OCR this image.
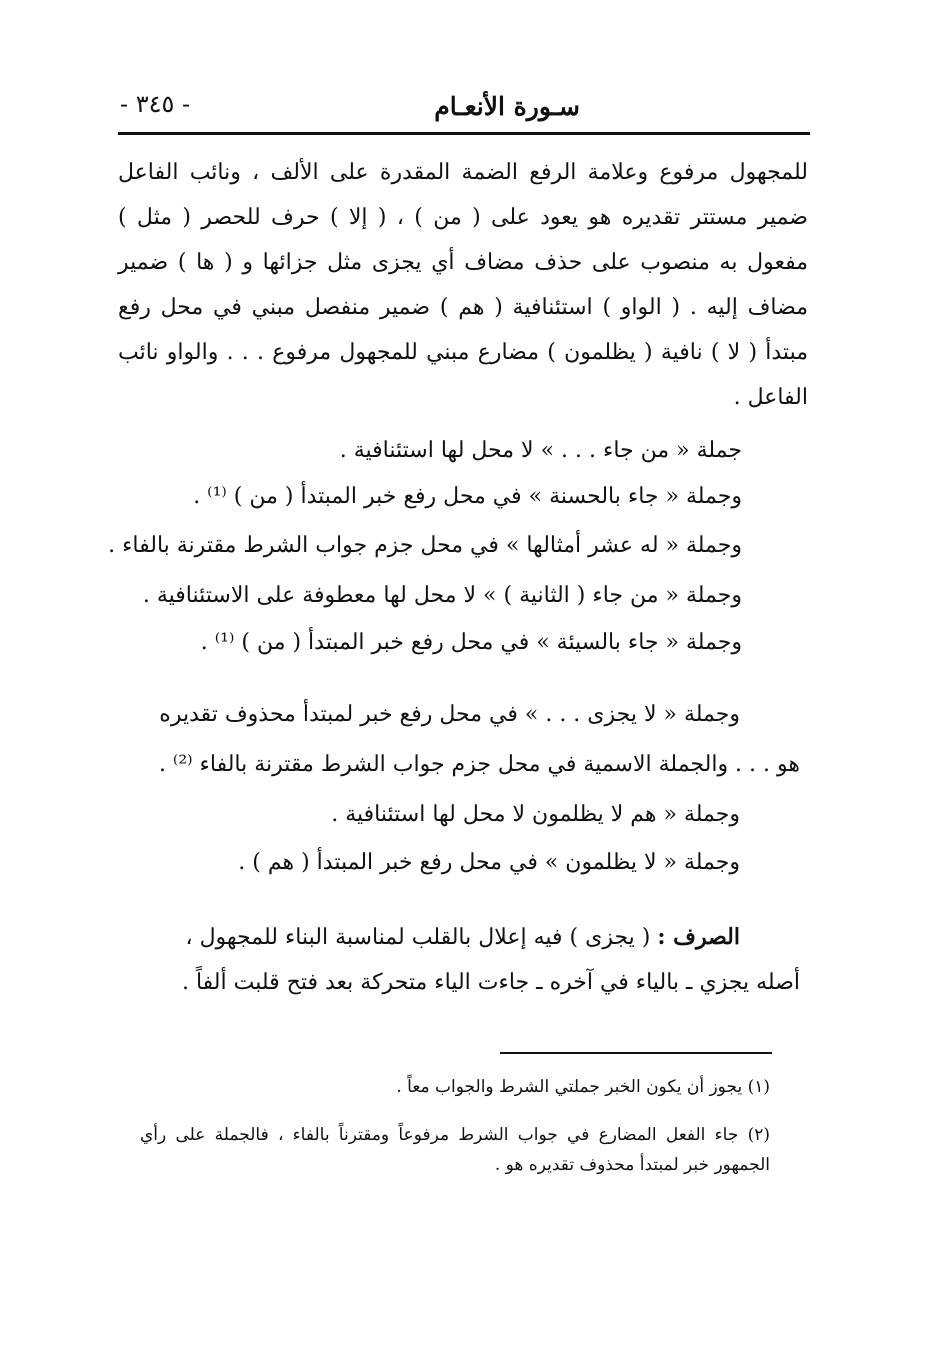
سـورة الأنعـام
- ٣٤٥ -
للمجهول مرفوع وعلامة الرفع الضمة المقدرة على الألف ، ونائب الفاعل ضمير مستتر تقديره هو يعود على ( من ) ، ( إلا ) حرف للحصر ( مثل ) مفعول به منصوب على حذف مضاف أي يجزى مثل جزائها و ( ها ) ضمير مضاف إليه . ( الواو ) استئنافية ( هم ) ضمير منفصل مبني في محل رفع مبتدأ ( لا ) نافية ( يظلمون ) مضارع مبني للمجهول مرفوع . . . والواو نائب الفاعل .
جملة « من جاء . . . » لا محل لها استئنافية .
وجملة « جاء بالحسنة » في محل رفع خبر المبتدأ ( من ) ⁽¹⁾ .
وجملة « له عشر أمثالها » في محل جزم جواب الشرط مقترنة بالفاء .
وجملة « من جاء ( الثانية ) » لا محل لها معطوفة على الاستئنافية .
وجملة « جاء بالسيئة » في محل رفع خبر المبتدأ ( من ) ⁽¹⁾ .
وجملة « لا يجزى . . . » في محل رفع خبر لمبتدأ محذوف تقديره
هو . . . والجملة الاسمية في محل جزم جواب الشرط مقترنة بالفاء ⁽²⁾ .
وجملة « هم لا يظلمون لا محل لها استئنافية .
وجملة « لا يظلمون » في محل رفع خبر المبتدأ ( هم ) .
الصرف : ( يجزى ) فيه إعلال بالقلب لمناسبة البناء للمجهول ،
أصله يجزي ـ بالياء في آخره ـ جاءت الياء متحركة بعد فتح قلبت ألفاً .
(١) يجوز أن يكون الخبر جملتي الشرط والجواب معاً .
(٢) جاء الفعل المضارع في جواب الشرط مرفوعاً ومقترناً بالفاء ، فالجملة على رأي الجمهور خبر لمبتدأ محذوف تقديره هو .
